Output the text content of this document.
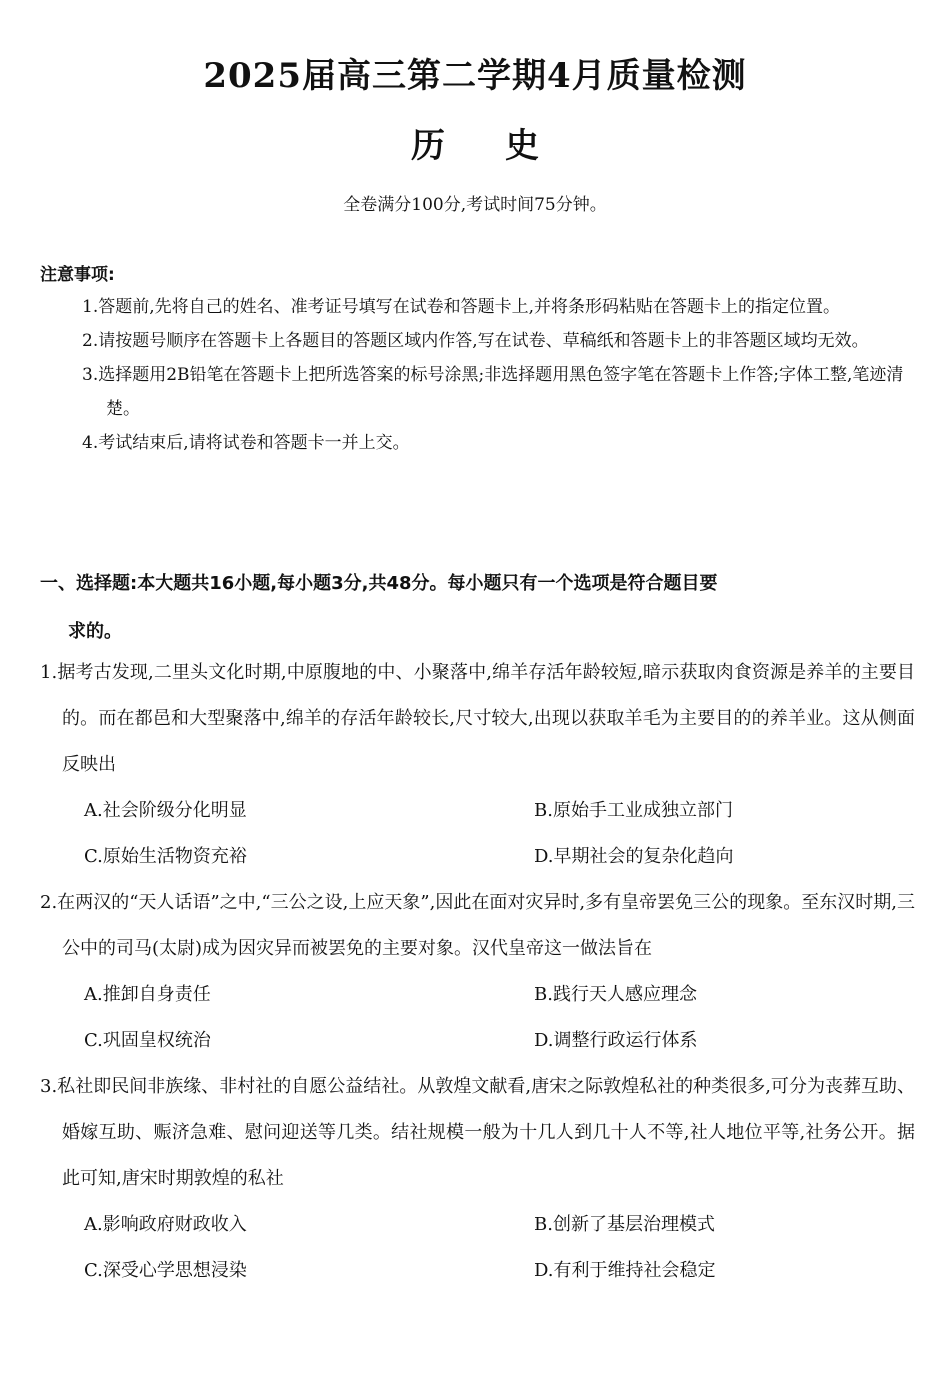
2025届高三第二学期4月质量检测
历史
全卷满分100分,考试时间75分钟。
注意事项:

1.答题前,先将自己的姓名、准考证号填写在试卷和答题卡上,并将条形码粘贴在答题卡上的指定位置。

2.请按题号顺序在答题卡上各题目的答题区域内作答,写在试卷、草稿纸和答题卡上的非答题区域均无效。

3.选择题用2B铅笔在答题卡上把所选答案的标号涂黑;非选择题用黑色签字笔在答题卡上作答;字体工整,笔迹清楚。

4.考试结束后,请将试卷和答题卡一并上交。

一、选择题:本大题共16小题,每小题3分,共48分。每小题只有一个选项是符合题目要
求的。
1.据考古发现,二里头文化时期,中原腹地的中、小聚落中,绵羊存活年龄较短,暗示获取肉食资源是养羊的主要目的。而在都邑和大型聚落中,绵羊的存活年龄较长,尺寸较大,出现以获取羊毛为主要目的的养羊业。这从侧面反映出
A.社会阶级分化明显	B.原始手工业成独立部门
C.原始生活物资充裕	D.早期社会的复杂化趋向
2.在两汉的“天人话语”之中,“三公之设,上应天象”,因此在面对灾异时,多有皇帝罢免三公的现象。至东汉时期,三公中的司马(太尉)成为因灾异而被罢免的主要对象。汉代皇帝这一做法旨在
A.推卸自身责任	B.践行天人感应理念
C.巩固皇权统治	D.调整行政运行体系
3.私社即民间非族缘、非村社的自愿公益结社。从敦煌文献看,唐宋之际敦煌私社的种类很多,可分为丧葬互助、婚嫁互助、赈济急难、慰问迎送等几类。结社规模一般为十几人到几十人不等,社人地位平等,社务公开。据此可知,唐宋时期敦煌的私社
A.影响政府财政收入	B.创新了基层治理模式
C.深受心学思想浸染	D.有利于维持社会稳定
